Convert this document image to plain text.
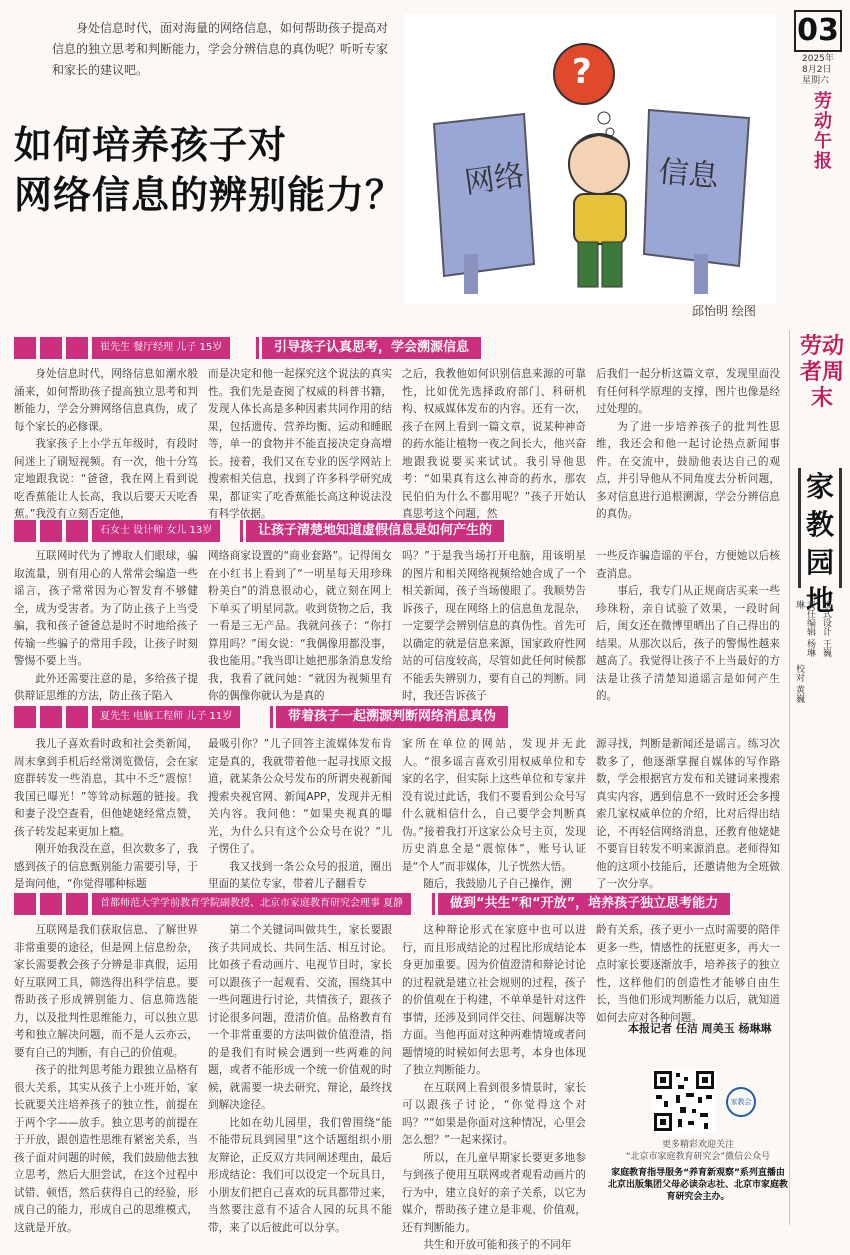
身处信息时代，面对海量的网络信息，如何帮助孩子提高对信息的独立思考和判断能力，学会分辨信息的真伪呢？听听专家和家长的建议吧。
如何培养孩子对
网络信息的辨别能力？ 网络	信息
?
邱怡明 绘图
03
2025年
8月2日
星期六
劳动午报
劳动者周末
家教园地
责任编辑 杨琳琳 版式设计 王巍 校对 黄巍
崔先生 餐厅经理 儿子 15岁	引导孩子认真思考，学会溯源信息
石女士 设计师 女儿 13岁	让孩子清楚地知道虚假信息是如何产生的
夏先生 电脑工程师 儿子 11岁	带着孩子一起溯源判断网络消息真伪
首都师范大学学前教育学院副教授、北京市家庭教育研究会理事 夏静	做到“共生”和“开放”，培养孩子独立思考能力

身处信息时代，网络信息如潮水般涌来，如何帮助孩子提高独立思考和判断能力，学会分辨网络信息真伪，成了每个家长的必修课。

我家孩子上小学五年级时，有段时间迷上了刷短视频。有一次，他十分笃定地跟我说：“爸爸，我在网上看到说吃香蕉能让人长高，我以后要天天吃香蕉。”我没有立刻否定他，

而是决定和他一起探究这个说法的真实性。我们先是查阅了权威的科普书籍，发现人体长高是多种因素共同作用的结果，包括遗传、营养均衡、运动和睡眠等，单一的食物并不能直接决定身高增长。接着，我们又在专业的医学网站上搜索相关信息，找到了许多科学研究成果，都证实了吃香蕉能长高这种说法没有科学依据。

之后，我教他如何识别信息来源的可靠性，比如优先选择政府部门、科研机构、权威媒体发布的内容。还有一次，孩子在网上看到一篇文章，说某种神奇的药水能让植物一夜之间长大，他兴奋地跟我说要买来试试。我引导他思考：“如果真有这么神奇的药水，那农民伯伯为什么不都用呢？”孩子开始认真思考这个问题，然

后我们一起分析这篇文章，发现里面没有任何科学原理的支撑，图片也像是经过处理的。

为了进一步培养孩子的批判性思维，我还会和他一起讨论热点新闻事件。在交流中，鼓励他表达自己的观点，并引导他从不同角度去分析问题，多对信息进行追根溯源，学会分辨信息的真伪。

互联网时代为了博取人们眼球，骗取流量，别有用心的人常常会编造一些谣言，孩子常常因为心智发育不够健全，成为受害者。为了防止孩子上当受骗，我和孩子爸爸总是时不时地给孩子传输一些骗子的常用手段，让孩子时刻警惕不要上当。

此外还需要注意的是，多给孩子提供辩证思维的方法，防止孩子陷入

网络商家设置的“商业套路”。记得闺女在小红书上看到了“一明星每天用珍珠粉美白”的消息很动心，就立刻在网上下单买了明星同款。收到货物之后，我一看是三无产品。我就问孩子：“你打算用吗？”闺女说：“我偶像用都没事，我也能用。”我当即让她把那条消息发给我，我看了就问她：“就因为视频里有你的偶像你就认为是真的

吗？”于是我当场打开电脑，用该明星的图片和相关网络视频给她合成了一个相关新闻，孩子当场傻眼了。我顺势告诉孩子，现在网络上的信息鱼龙混杂，一定要学会辨别信息的真伪性。首先可以确定的就是信息来源，国家政府性网站的可信度较高，尽管如此任何时候都不能丢失辨别力，要有自己的判断。同时，我还告诉孩子

一些反诈骗造谣的平台，方便她以后核查消息。

事后，我专门从正规商店买来一些珍珠粉，亲自试验了效果，一段时间后，闺女还在微博里晒出了自己得出的结果。从那次以后，孩子的警惕性越来越高了。我觉得让孩子不上当最好的方法是让孩子清楚知道谣言是如何产生的。

我儿子喜欢看时政和社会类新闻，周末拿到手机后经常浏览微信，会在家庭群转发一些消息，其中不乏“震惊！我国已曝光！”等耸动标题的链接。我和妻子没空查看，但他姥姥经常点赞，孩子转发起来更加上瘾。

刚开始我没在意，但次数多了，我感到孩子的信息甄别能力需要引导，于是询问他，“你觉得哪种标题

最吸引你？”儿子回答主流媒体发布肯定是真的，我就带着他一起寻找原文报道，就某条公众号发布的所谓央视新闻搜索央视官网、新闻APP，发现并无相关内容。我问他：“如果央视真的曝光，为什么只有这个公众号在说？”儿子愣住了。

我又找到一条公众号的报道，圈出里面的某位专家，带着儿子翻看专

家所在单位的网站，发现并无此人。“很多谣言喜欢引用权威单位和专家的名字，但实际上这些单位和专家并没有说过此话，我们不要看到公众号写什么就相信什么，自己要学会判断真伪。”接着我打开这家公众号主页，发现历史消息全是“震惊体”，账号认证是“个人”而非媒体，儿子恍然大悟。

随后，我鼓励儿子自己操作，溯

源寻找，判断是新闻还是谣言。练习次数多了，他逐渐掌握自媒体的写作路数，学会根据官方发布和关键词来搜索真实内容，遇到信息不一致时还会多搜索几家权威单位的介绍，比对后得出结论，不再轻信网络消息，还教育他姥姥不要盲目转发不明来源消息。老师得知他的这项小技能后，还邀请他为全班做了一次分享。

互联网是我们获取信息、了解世界非常重要的途径，但是网上信息纷杂，家长需要教会孩子分辨是非真假，运用好互联网工具，筛选得出科学信息。要帮助孩子形成辨别能力、信息筛选能力，以及批判性思维能力，可以独立思考和独立解决问题，而不是人云亦云，要有自己的判断，有自己的价值观。

孩子的批判思考能力跟独立品格有很大关系，其实从孩子上小班开始，家长就要关注培养孩子的独立性，前提在于两个字——放手。独立思考的前提在于开放，跟创造性思维有紧密关系，当孩子面对问题的时候，我们鼓励他去独立思考，然后大胆尝试，在这个过程中试错、顿悟，然后获得自己的经验，形成自己的能力，形成自己的思维模式，这就是开放。

第二个关键词叫做共生，家长要跟孩子共同成长、共同生活、相互讨论。比如孩子看动画片、电视节目时，家长可以跟孩子一起观看、交流，围绕其中一些问题进行讨论，共情孩子，跟孩子讨论很多问题，澄清价值。品格教育有一个非常重要的方法叫做价值澄清，指的是我们有时候会遇到一些两难的问题，或者不能形成一个统一价值观的时候，就需要一块去研究、辩论，最终找到解决途径。

比如在幼儿园里，我们曾围绕“能不能带玩具到园里”这个话题组织小朋友辩论，正反双方共同阐述理由，最后形成结论：我们可以设定一个玩具日，小朋友们把自己喜欢的玩具都带过来，当然要注意有不适合人园的玩具不能带，来了以后彼此可以分享。

这种辩论形式在家庭中也可以进行，而且形成结论的过程比形成结论本身更加重要。因为价值澄清和辩论讨论的过程就是建立社会规则的过程，孩子的价值观在于构建，不单单是针对这件事情，还涉及到同伴交往、问题解决等方面。当他再面对这种两难情境或者问题情境的时候如何去思考，本身也体现了独立判断能力。

在互联网上看到很多情景时，家长可以跟孩子讨论，“你觉得这个对吗？”“如果是你面对这种情况，心里会怎么想？”一起来探讨。

所以，在儿童早期家长要更多地参与到孩子使用互联网或者观看动画片的行为中，建立良好的亲子关系，以它为媒介，帮助孩子建立是非观、价值观，还有判断能力。

共生和开放可能和孩子的不同年

龄有关系，孩子更小一点时需要的陪伴更多一些，情感性的抚慰更多，再大一点时家长要逐渐放手，培养孩子的独立性，这样他们的创造性才能够自由生长，当他们形成判断能力以后，就知道如何去应对各种问题。

本报记者 任洁 周美玉 杨琳琳
家教会
更多精彩欢迎关注
“北京市家庭教育研究会”微信公众号
家庭教育指导服务“养育新观察”系列直播由北京出版集团父母必读杂志社、北京市家庭教育研究会主办。
